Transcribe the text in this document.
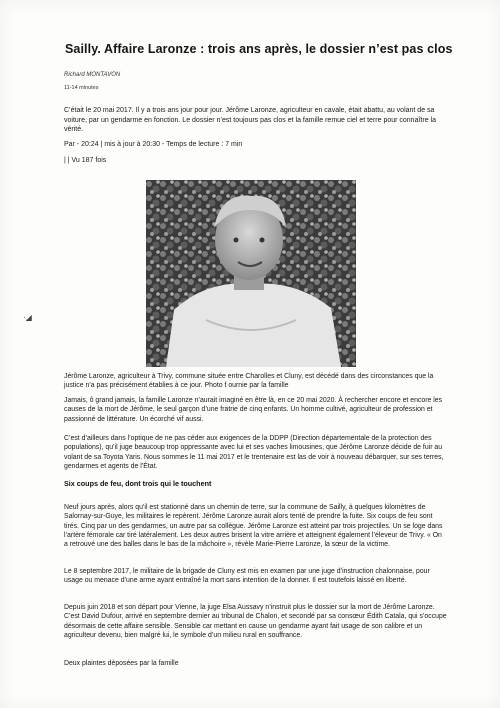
Sailly. Affaire Laronze : trois ans après, le dossier n’est pas clos
Richard MONTAVON
11-14 minutes
C’était le 20 mai 2017. Il y a trois ans jour pour jour. Jérôme Laronze, agriculteur en cavale, était abattu, au volant de sa voiture, par un gendarme en fonction. Le dossier n’est toujours pas clos et la famille remue ciel et terre pour connaître la vérité.
Par - 20:24 | mis à jour à 20:30 - Temps de lecture : 7 min
| | Vu 187 fois

Jérôme Laronze, agriculteur à Trivy, commune située entre Charolles et Cluny, est décédé dans des circonstances que la justice n’a pas précisément établies à ce jour. Photo f ournie par la famille

Jamais, ô grand jamais, la famille Laronze n’aurait imaginé en être là, en ce 20 mai 2020. À rechercher encore et encore les causes de la mort de Jérôme, le seul garçon d’une fratrie de cinq enfants. Un homme cultivé, agriculteur de profession et passionné de littérature. Un écorché vif aussi.

C’est d’ailleurs dans l’optique de ne pas céder aux exigences de la DDPP (Direction départementale de la protection des populations), qu’il juge beaucoup trop oppressante avec lui et ses vaches limousines, que Jérôme Laronze décide de fuir au volant de sa Toyota Yaris. Nous sommes le 11 mai 2017 et le trentenaire est las de voir à nouveau débarquer, sur ses terres, gendarmes et agents de l’État.

Six coups de feu, dont trois qui le touchent

Neuf jours après, alors qu’il est stationné dans un chemin de terre, sur la commune de Sailly, à quelques kilomètres de Salornay-sur-Guye, les militaires le repèrent. Jérôme Laronze aurait alors tenté de prendre la fuite. Six coups de feu sont tirés. Cinq par un des gendarmes, un autre par sa collègue. Jérôme Laronze est atteint par trois projectiles. Un se loge dans l’artère fémorale car tiré latéralement. Les deux autres brisent la vitre arrière et atteignent également l’éleveur de Trivy. « On a retrouvé une des balles dans le bas de la mâchoire », révèle Marie-Pierre Laronze, la sœur de la victime.

Le 8 septembre 2017, le militaire de la brigade de Cluny est mis en examen par une juge d’instruction chalonnaise, pour usage ou menace d’une arme ayant entraîné la mort sans intention de la donner. Il est toutefois laissé en liberté.

Depuis juin 2018 et son départ pour Vienne, la juge Elsa Aussavy n’instruit plus le dossier sur la mort de Jérôme Laronze. C’est David Dufour, arrivé en septembre dernier au tribunal de Chalon, et secondé par sa consœur Édith Catala, qui s’occupe désormais de cette affaire sensible. Sensible car mettant en cause un gendarme ayant fait usage de son calibre et un agriculteur devenu, bien malgré lui, le symbole d’un milieu rural en souffrance.

Deux plaintes déposées par la famille

·◢
